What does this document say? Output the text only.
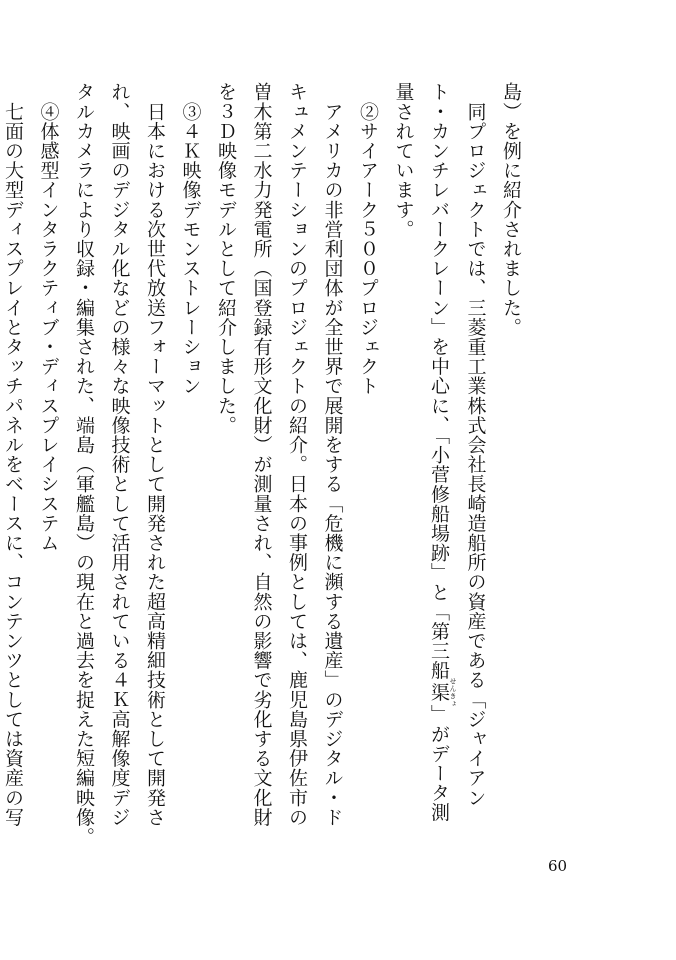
島）を例に紹介されました。
　同プロジェクトでは、三菱重工業株式会社長崎造船所の資産である「ジャイアン
ト・カンチレバークレーン」を中心に、「小菅修船場跡」と「第三船渠 せんきょ」がデータ測
量されています。
　②サイアーク５００プロジェクト
　アメリカの非営利団体が全世界で展開をする「危機に瀕する遺産」のデジタル・ド
キュメンテーションのプロジェクトの紹介。日本の事例としては、鹿児島県伊佐市の
曽木第二水力発電所（国登録有形文化財）が測量され、自然の影響で劣化する文化財
を３Ｄ映像モデルとして紹介しました。
　③４Ｋ映像デモンストレーション
　日本における次世代放送フォーマットとして開発された超高精細技術として開発さ
れ、映画のデジタル化などの様々な映像技術として活用されている４Ｋ高解像度デジ
タルカメラにより収録・編集された、端島（軍艦島）の現在と過去を捉えた短編映像。
　④体感型インタラクティブ・ディスプレイシステム
　七面の大型ディスプレイとタッチパネルをベースに、コンテンツとしては資産の写
60
